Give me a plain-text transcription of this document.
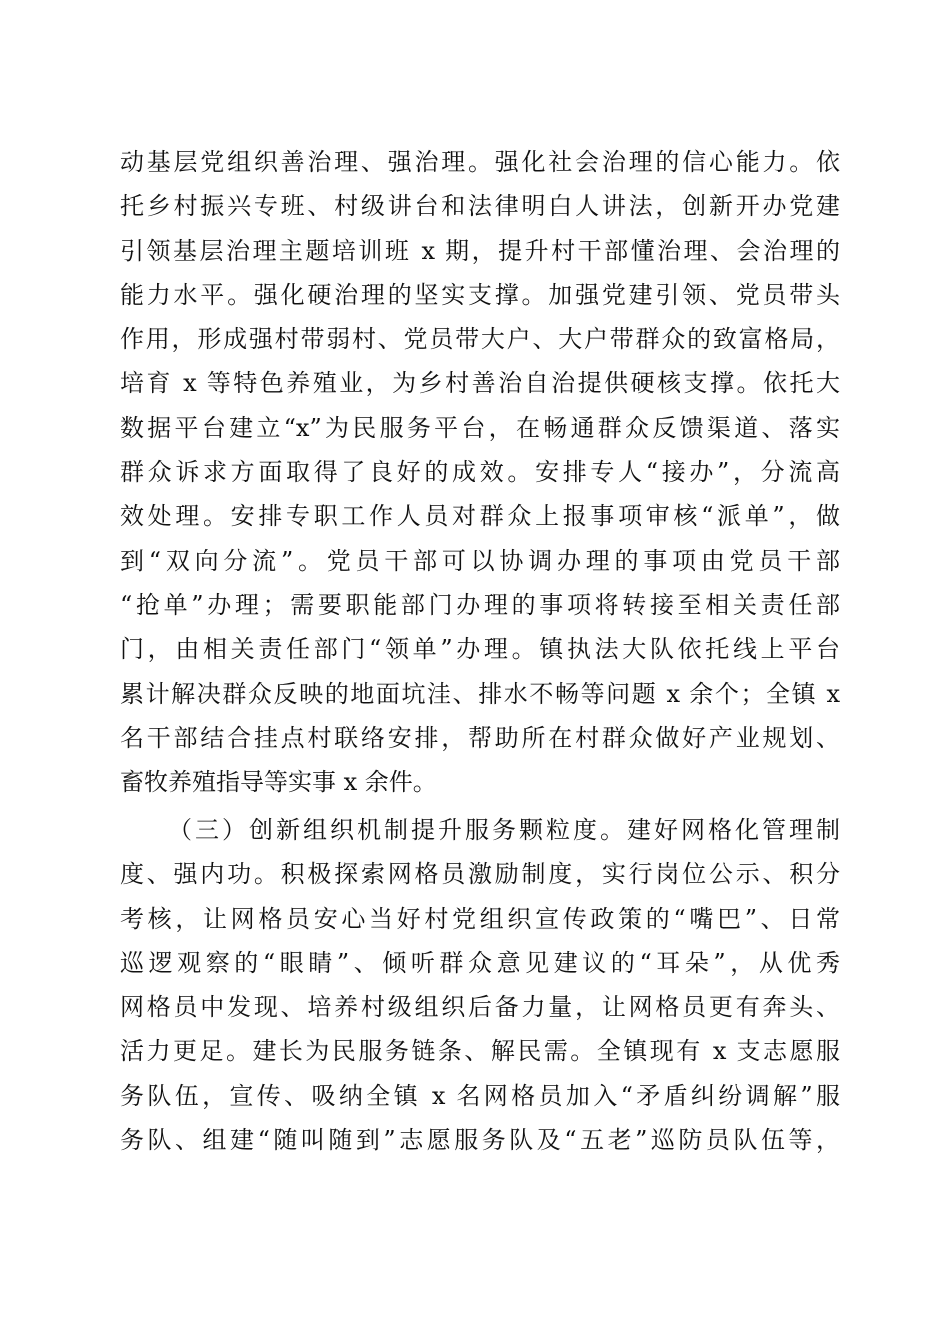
动基层党组织善治理、强治理。强化社会治理的信心能力。依
托乡村振兴专班、村级讲台和法律明白人讲法，创新开办党建
引领基层治理主题培训班 x 期，提升村干部懂治理、会治理的
能力水平。强化硬治理的坚实支撑。加强党建引领、党员带头
作用，形成强村带弱村、党员带大户、大户带群众的致富格局，
培育 x 等特色养殖业，为乡村善治自治提供硬核支撑。依托大
数据平台建立“x”为民服务平台，在畅通群众反馈渠道、落实
群众诉求方面取得了良好的成效。安排专人“接办”，分流高
效处理。安排专职工作人员对群众上报事项审核“派单”，做
到“双向分流”。党员干部可以协调办理的事项由党员干部
“抢单”办理；需要职能部门办理的事项将转接至相关责任部
门，由相关责任部门“领单”办理。镇执法大队依托线上平台
累计解决群众反映的地面坑洼、排水不畅等问题 x 余个；全镇 x
名干部结合挂点村联络安排，帮助所在村群众做好产业规划、
畜牧养殖指导等实事 x 余件。
（三）创新组织机制提升服务颗粒度。建好网格化管理制
度、强内功。积极探索网格员激励制度，实行岗位公示、积分
考核，让网格员安心当好村党组织宣传政策的“嘴巴”、日常
巡逻观察的“眼睛”、倾听群众意见建议的“耳朵”，从优秀
网格员中发现、培养村级组织后备力量，让网格员更有奔头、
活力更足。建长为民服务链条、解民需。全镇现有 x 支志愿服
务队伍，宣传、吸纳全镇 x 名网格员加入“矛盾纠纷调解”服
务队、组建“随叫随到”志愿服务队及“五老”巡防员队伍等，
